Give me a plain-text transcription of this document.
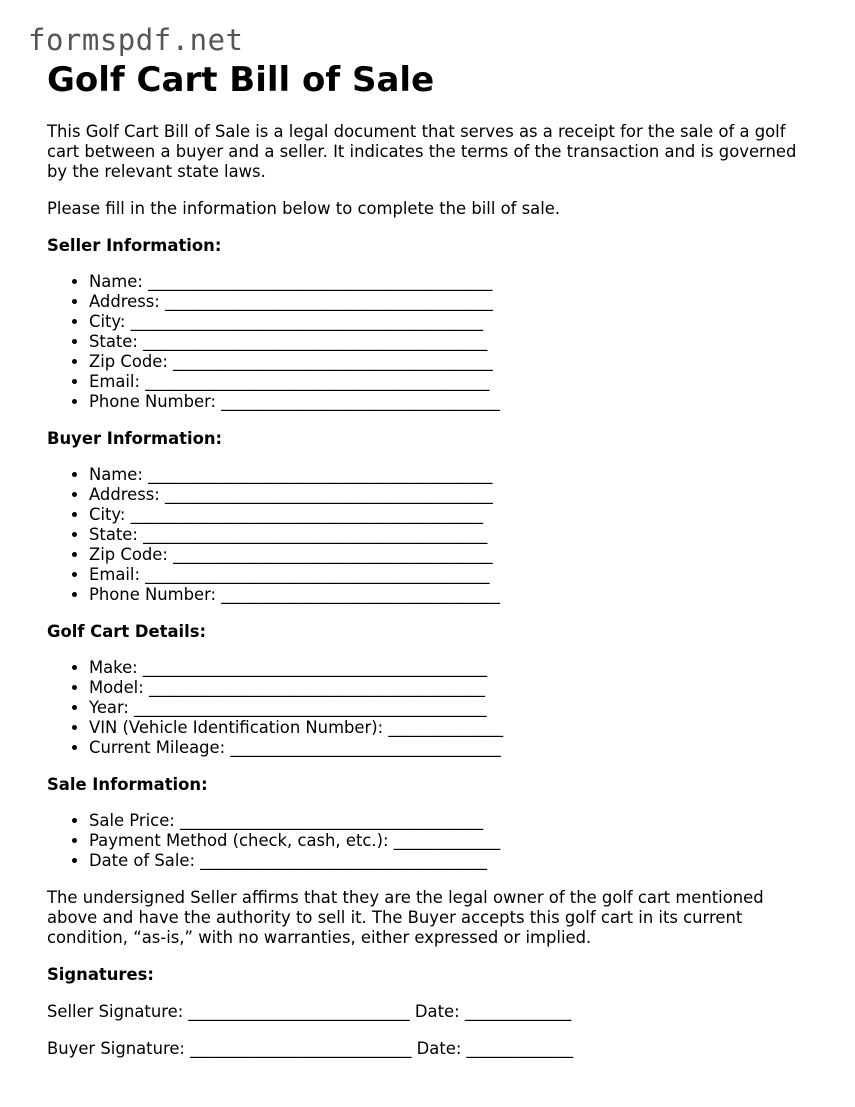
formspdf.net
Golf Cart Bill of Sale

This Golf Cart Bill of Sale is a legal document that serves as a receipt for the sale of a golf cart between a buyer and a seller. It indicates the terms of the transaction and is governed by the relevant state laws.

Please fill in the information below to complete the bill of sale.

Seller Information:
• Name: __________________________________________
• Address: ________________________________________
• City: ___________________________________________
• State: __________________________________________
• Zip Code: _______________________________________
• Email: __________________________________________
• Phone Number: __________________________________
Buyer Information:
• Name: __________________________________________
• Address: ________________________________________
• City: ___________________________________________
• State: __________________________________________
• Zip Code: _______________________________________
• Email: __________________________________________
• Phone Number: __________________________________
Golf Cart Details:
• Make: __________________________________________
• Model: _________________________________________
• Year: ___________________________________________
• VIN (Vehicle Identification Number): ______________
• Current Mileage: _________________________________
Sale Information:
• Sale Price: _____________________________________
• Payment Method (check, cash, etc.): _____________
• Date of Sale: ___________________________________

The undersigned Seller affirms that they are the legal owner of the golf cart mentioned above and have the authority to sell it. The Buyer accepts this golf cart in its current condition, “as-is,” with no warranties, either expressed or implied.

Signatures:

Seller Signature: ___________________________ Date: _____________

Buyer Signature: ___________________________ Date: _____________
